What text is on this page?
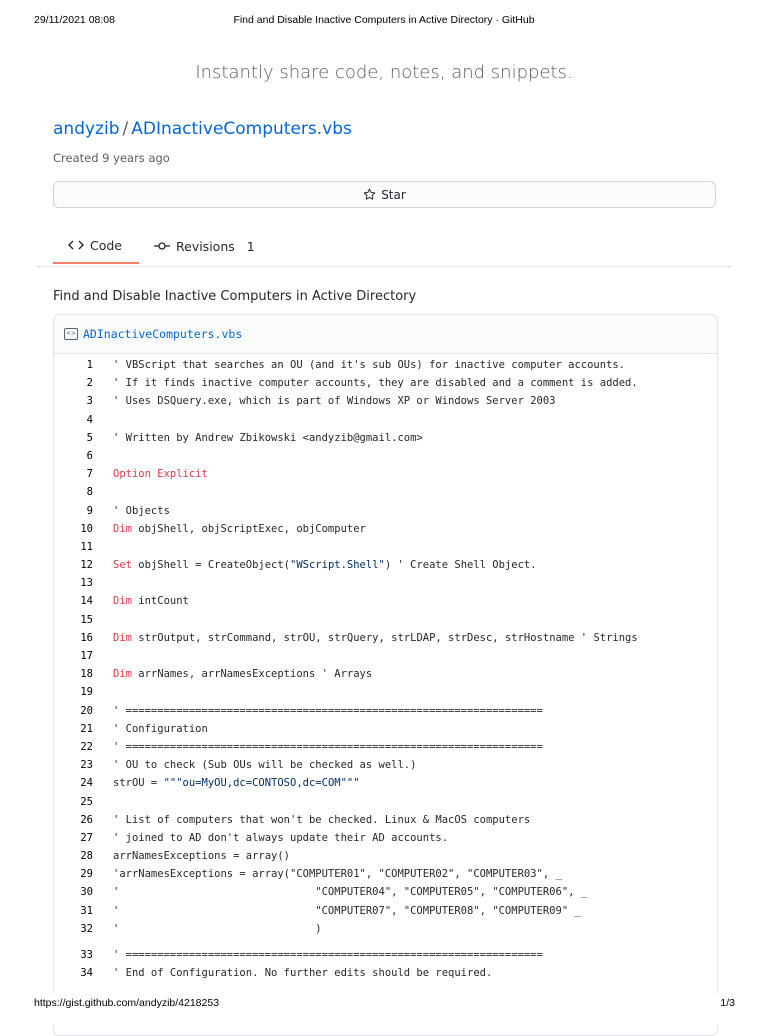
29/11/2021 08:08	Find and Disable Inactive Computers in Active Directory · GitHub
Instantly share code, notes, and snippets.
andyzib / ADInactiveComputers.vbs
Created 9 years ago
Star
Code	Revisions 1
Find and Disable Inactive Computers in Active Directory
<> ADInactiveComputers.vbs
1 ' VBScript that searches an OU (and it's sub OUs) for inactive computer accounts.
2 ' If it finds inactive computer accounts, they are disabled and a comment is added.
3 ' Uses DSQuery.exe, which is part of Windows XP or Windows Server 2003
4
5 ' Written by Andrew Zbikowski <andyzib@gmail.com>
6
7 Option Explicit
8
9 ' Objects
10 Dim objShell, objScriptExec, objComputer
11
12 Set objShell = CreateObject("WScript.Shell") ' Create Shell Object.
13
14 Dim intCount
15
16 Dim strOutput, strCommand, strOU, strQuery, strLDAP, strDesc, strHostname ' Strings
17
18 Dim arrNames, arrNamesExceptions ' Arrays
19
20 ' ==================================================================
21 ' Configuration
22 ' ==================================================================
23 ' OU to check (Sub OUs will be checked as well.)
24 strOU = """ou=MyOU,dc=CONTOSO,dc=COM"""
25
26 ' List of computers that won't be checked. Linux & MacOS computers
27 ' joined to AD don't always update their AD accounts.
28 arrNamesExceptions = array()
29 'arrNamesExceptions = array("COMPUTER01", "COMPUTER02", "COMPUTER03", _
30 '                               "COMPUTER04", "COMPUTER05", "COMPUTER06", _
31 '                               "COMPUTER07", "COMPUTER08", "COMPUTER09" _
32 '                               )
33 ' ==================================================================
34 ' End of Configuration. No further edits should be required.
https://gist.github.com/andyzib/4218253	1/3
